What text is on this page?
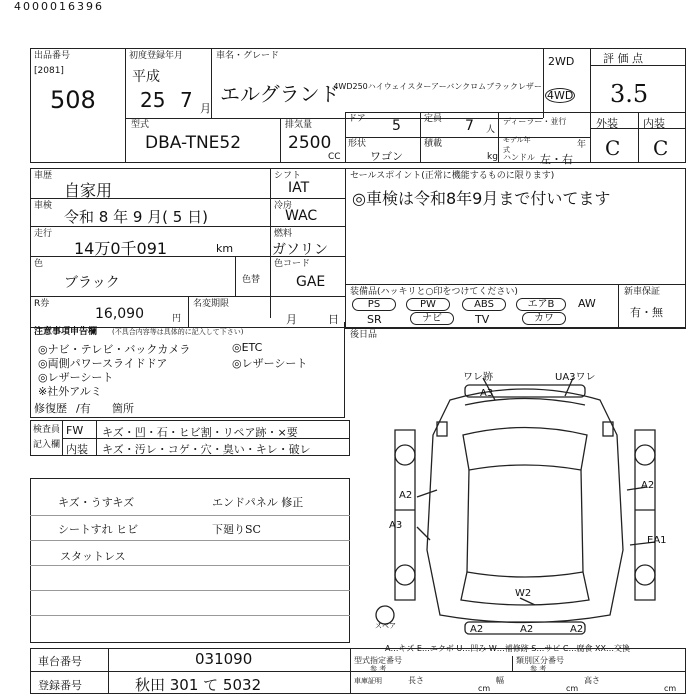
4000016396
出品番号
[2081]
508
初度登録年月
平成
25 7 月
車名・グレード
エルグランド
4WD250ハイウェイスターアーバンクロムブラックレザー
2WD
4WD
評 価 点
3.5
外装 内装
C C
型式
DBA-TNE52
排気量
2500
CC
ドア 5	定員 7 人
形状
ワゴン
積載
kg
ディーラー・並行
モデル年式	年
ハンドル 左・右
車歴
自家用
車検
令和 8 年 9 月( 5 日)
走行
14万0千091	km
色
ブラック	色替
シフト
IAT
冷房
WAC
燃料
ガソリン
色コード
GAE
R券
16,090	円
名変期限
月	日
セールスポイント(正常に機能するものに限ります)
◎車検は令和8年9月まで付いてます
装備品(ハッキリと○印をつけてください)
PS	PW	ABS	エアB	AW
SR	ナビ	TV	カワ
新車保証
有・無
後日品
注意事項申告欄 (不具合内容等は具体的に記入して下さい)
◎ナビ・テレビ・バックカメラ
◎両側パワースライドドア
◎レザーシート
※社外アルミ
◎ETC
◎レザーシート
修復歴 /有 箇所
検査員
記入欄
FW キズ・凹・石・ヒビ割・リペア跡・×要
内装 キズ・汚レ・コゲ・穴・臭い・キレ・破レ
キズ・うすキズ
シートすれ ヒビ
スタットレス
エンドパネル 修正
下廻りSC
スペア
ワレ跡	UA3ワレ
A3
A2
A3
A2
EA1
W2
A2	A2	A2
A…キズ E…エクボ U…凹み W…補修跡 S…サビ C…腐食 XX…交換
車台番号	031090
登録番号	秋田 301 て 5032
型式指定番号
参 考
類別区分番号
参 考
車庫証明	長さ
cm
幅
cm
高さ
cm
